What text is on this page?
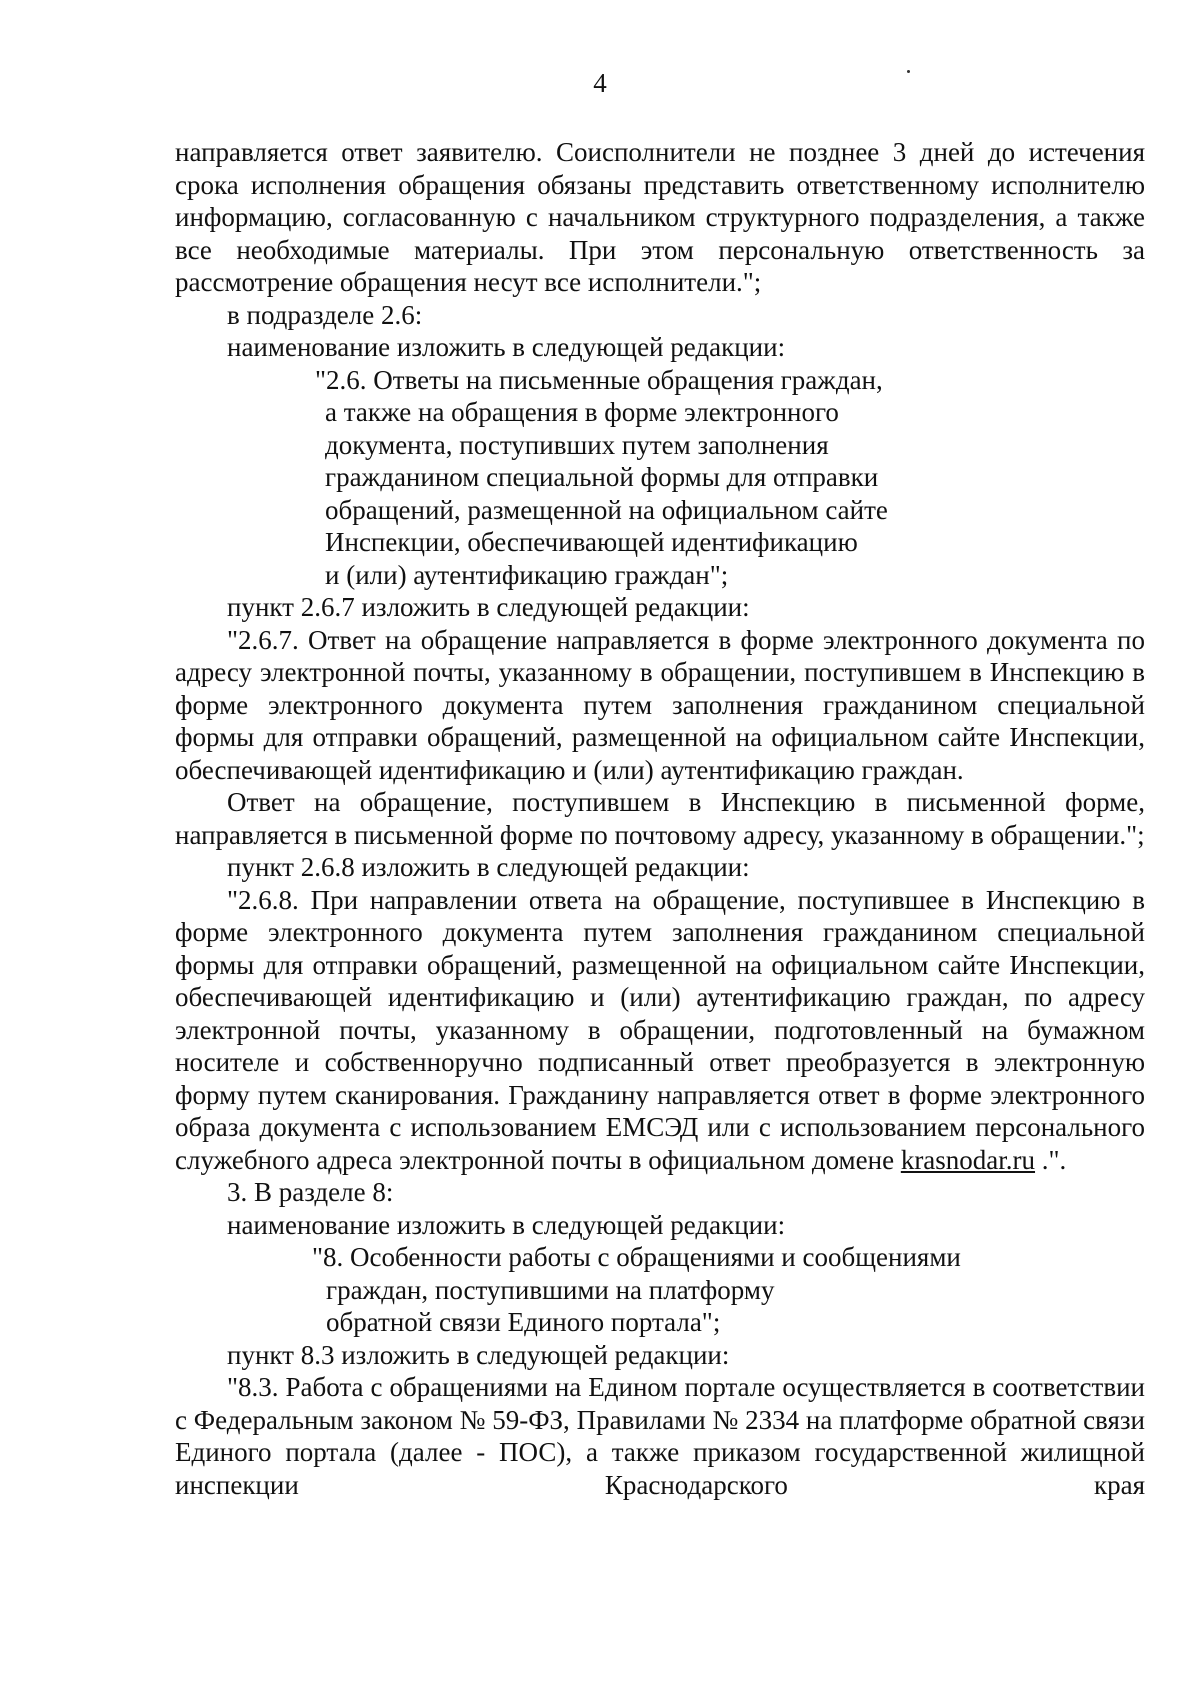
4

направляется ответ заявителю. Соисполнители не позднее 3 дней до истечения срока исполнения обращения обязаны представить ответственному исполнителю информацию, согласованную с начальником структурного подразделения, а также все необходимые материалы. При этом персональную ответственность за рассмотрение обращения несут все исполнители.";

в подразделе 2.6:

наименование изложить в следующей редакции:

"2.6. Ответы на письменные обращения граждан,
а также на обращения в форме электронного
документа, поступивших путем заполнения
гражданином специальной формы для отправки
обращений, размещенной на официальном сайте
Инспекции, обеспечивающей идентификацию
и (или) аутентификацию граждан";

пункт 2.6.7 изложить в следующей редакции:

"2.6.7. Ответ на обращение направляется в форме электронного документа по адресу электронной почты, указанному в обращении, поступившем в Инспекцию в форме электронного документа путем заполнения гражданином специальной формы для отправки обращений, размещенной на официальном сайте Инспекции, обеспечивающей идентификацию и (или) аутентификацию граждан.

Ответ на обращение, поступившем в Инспекцию в письменной форме, направляется в письменной форме по почтовому адресу, указанному в обращении.";

пункт 2.6.8 изложить в следующей редакции:

"2.6.8. При направлении ответа на обращение, поступившее в Инспекцию в форме электронного документа путем заполнения гражданином специальной формы для отправки обращений, размещенной на официальном сайте Инспекции, обеспечивающей идентификацию и (или) аутентификацию граждан, по адресу электронной почты, указанному в обращении, подготовленный на бумажном носителе и собственноручно подписанный ответ преобразуется в электронную форму путем сканирования. Гражданину направляется ответ в форме электронного образа документа с использованием ЕМСЭД или с использованием персонального служебного адреса электронной почты в официальном домене krasnodar.ru .".

3. В разделе 8:

наименование изложить в следующей редакции:

"8. Особенности работы с обращениями и сообщениями
граждан, поступившими на платформу
обратной связи Единого портала";

пункт 8.3 изложить в следующей редакции:

"8.3. Работа с обращениями на Едином портале осуществляется в соответствии с Федеральным законом № 59-ФЗ, Правилами № 2334 на платформе обратной связи Единого портала (далее - ПОС), а также приказом государственной жилищной инспекции Краснодарского края
